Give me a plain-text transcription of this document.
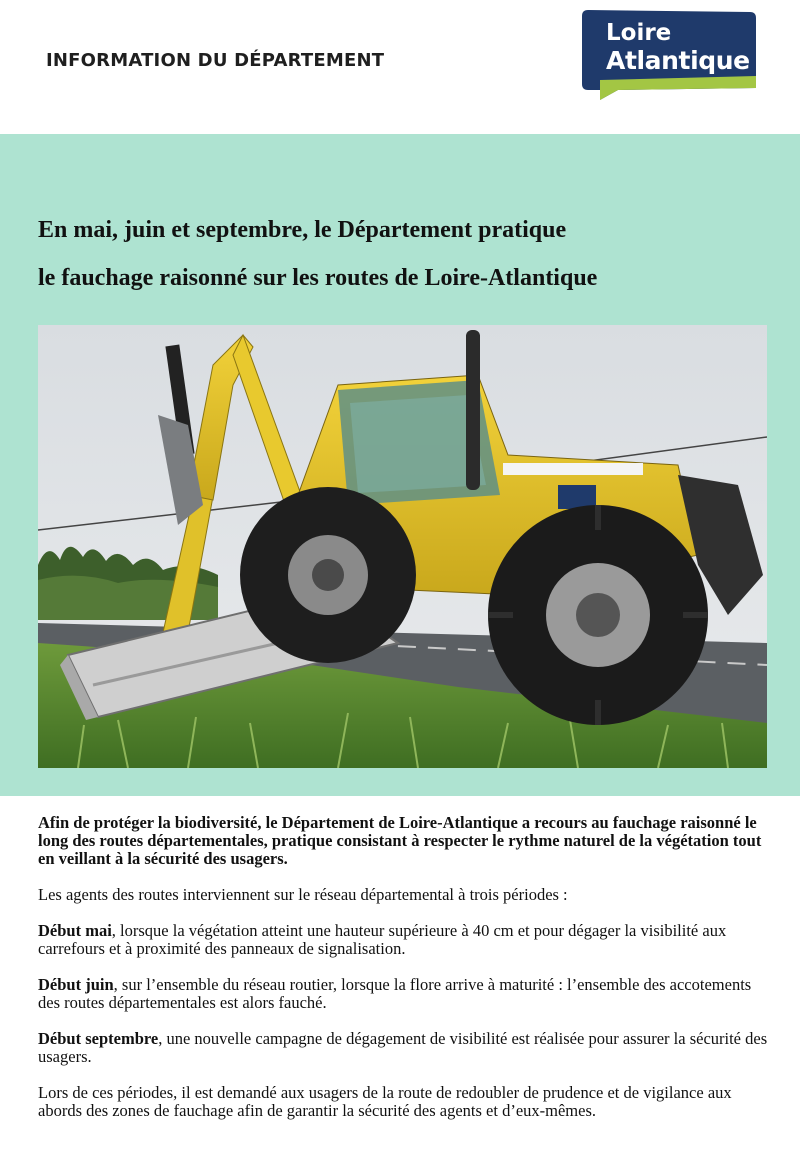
INFORMATION DU DÉPARTEMENT
Loire
Atlantique
En mai, juin et septembre, le Département pratique
le fauchage raisonné sur les routes de Loire-Atlantique

Afin de protéger la biodiversité, le Département de Loire-Atlantique a recours au fauchage raisonné le long des routes départementales, pratique consistant à respecter le rythme naturel de la végétation tout en veillant à la sécurité des usagers.

Les agents des routes interviennent sur le réseau départemental à trois périodes :

Début mai, lorsque la végétation atteint une hauteur supérieure à 40 cm et pour dégager la visibilité aux carrefours et à proximité des panneaux de signalisation.

Début juin, sur l’ensemble du réseau routier, lorsque la flore arrive à maturité : l’ensemble des accotements des routes départementales est alors fauché.

Début septembre, une nouvelle campagne de dégagement de visibilité est réalisée pour assurer la sécurité des usagers.

Lors de ces périodes, il est demandé aux usagers de la route de redoubler de prudence et de vigilance aux abords des zones de fauchage afin de garantir la sécurité des agents et d’eux-mêmes.
